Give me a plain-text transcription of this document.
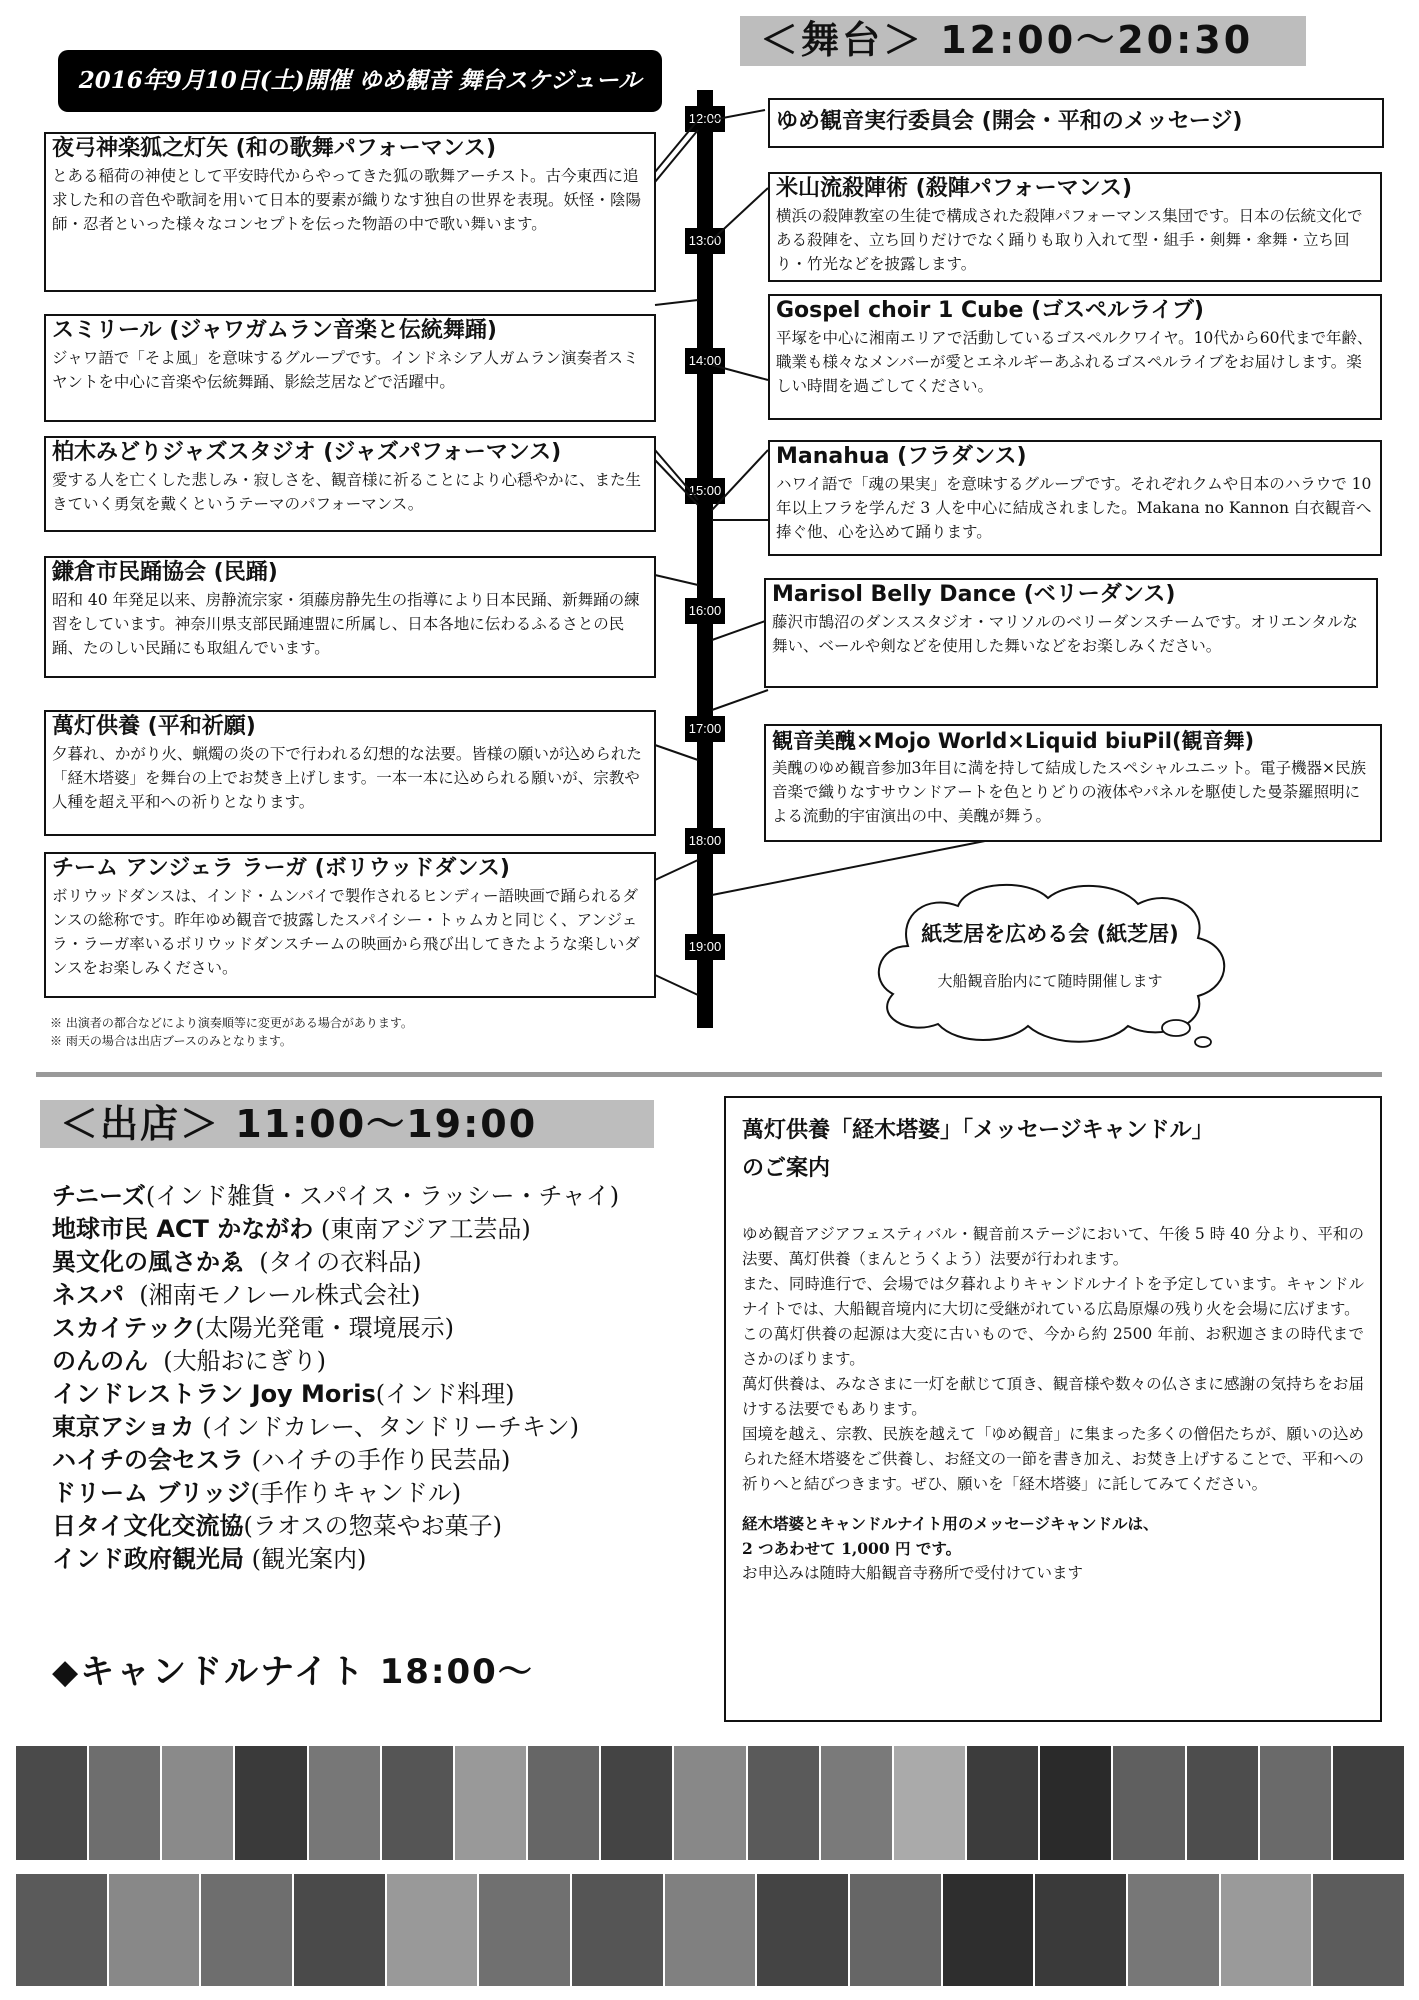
＜舞台＞ 12:00〜20:30
2016年9月10日(土)開催 ゆめ観音 舞台スケジュール
12:00
13:00
14:00
15:00
16:00
17:00
18:00
19:00
夜弓神楽狐之灯矢 (和の歌舞パフォーマンス)
とある稲荷の神使として平安時代からやってきた狐の歌舞アーチスト。古今東西に追求した和の音色や歌詞を用いて日本的要素が織りなす独自の世界を表現。妖怪・陰陽師・忍者といった様々なコンセプトを伝った物語の中で歌い舞います。
スミリール (ジャワガムラン音楽と伝統舞踊)
ジャワ語で「そよ風」を意味するグループです。インドネシア人ガムラン演奏者スミヤントを中心に音楽や伝統舞踊、影絵芝居などで活躍中。
柏木みどりジャズスタジオ (ジャズパフォーマンス)
愛する人を亡くした悲しみ・寂しさを、観音様に祈ることにより心穏やかに、また生きていく勇気を戴くというテーマのパフォーマンス。
鎌倉市民踊協会 (民踊)
昭和 40 年発足以来、房静流宗家・須藤房静先生の指導により日本民踊、新舞踊の練習をしています。神奈川県支部民踊連盟に所属し、日本各地に伝わるふるさとの民踊、たのしい民踊にも取組んでいます。
萬灯供養 (平和祈願)
夕暮れ、かがり火、蝋燭の炎の下で行われる幻想的な法要。皆様の願いが込められた「経木塔婆」を舞台の上でお焚き上げします。一本一本に込められる願いが、宗教や人種を超え平和への祈りとなります。
チーム アンジェラ ラーガ (ボリウッドダンス)
ボリウッドダンスは、インド・ムンバイで製作されるヒンディー語映画で踊られるダンスの総称です。昨年ゆめ観音で披露したスパイシー・トゥムカと同じく、アンジェラ・ラーガ率いるボリウッドダンスチームの映画から飛び出してきたような楽しいダンスをお楽しみください。
ゆめ観音実行委員会 (開会・平和のメッセージ)
米山流殺陣術 (殺陣パフォーマンス)
横浜の殺陣教室の生徒で構成された殺陣パフォーマンス集団です。日本の伝統文化である殺陣を、立ち回りだけでなく踊りも取り入れて型・組手・剣舞・傘舞・立ち回り・竹光などを披露します。
Gospel choir 1 Cube (ゴスペルライブ)
平塚を中心に湘南エリアで活動しているゴスペルクワイヤ。10代から60代まで年齢、職業も様々なメンバーが愛とエネルギーあふれるゴスペルライブをお届けします。楽しい時間を過ごしてください。
Manahua (フラダンス)
ハワイ語で「魂の果実」を意味するグループです。それぞれクムや日本のハラウで 10 年以上フラを学んだ 3 人を中心に結成されました。Makana no Kannon 白衣観音へ捧ぐ他、心を込めて踊ります。
Marisol Belly Dance (ベリーダンス)
藤沢市鵠沼のダンススタジオ・マリソルのベリーダンスチームです。オリエンタルな舞い、ベールや剣などを使用した舞いなどをお楽しみください。
観音美醜×Mojo World×Liquid biuPil(観音舞)
美醜のゆめ観音参加3年目に満を持して結成したスペシャルユニット。電子機器×民族音楽で織りなすサウンドアートを色とりどりの液体やパネルを駆使した曼荼羅照明による流動的宇宙演出の中、美醜が舞う。
紙芝居を広める会 (紙芝居)
大船観音胎内にて随時開催します
※ 出演者の都合などにより演奏順等に変更がある場合があります。
※ 雨天の場合は出店ブースのみとなります。
＜出店＞ 11:00〜19:00
チニーズ(インド雑貨・スパイス・ラッシー・チャイ)
地球市民 ACT かながわ (東南アジア工芸品)
異文化の風さかゑ  (タイの衣料品)
ネスパ  (湘南モノレール株式会社)
スカイテック(太陽光発電・環境展示)
のんのん  (大船おにぎり)
インドレストラン Joy Moris(インド料理)
東京アショカ (インドカレー、タンドリーチキン)
ハイチの会セスラ (ハイチの手作り民芸品)
ドリーム ブリッジ(手作りキャンドル)
日タイ文化交流協(ラオスの惣菜やお菓子)
インド政府観光局 (観光案内)
◆キャンドルナイト 18:00〜
萬灯供養「経木塔婆」「メッセージキャンドル」
のご案内
ゆめ観音アジアフェスティバル・観音前ステージにおいて、午後 5 時 40 分より、平和の法要、萬灯供養（まんとうくよう）法要が行われます。
また、同時進行で、会場では夕暮れよりキャンドルナイトを予定しています。キャンドルナイトでは、大船観音境内に大切に受継がれている広島原爆の残り火を会場に広げます。
この萬灯供養の起源は大変に古いもので、今から約 2500 年前、お釈迦さまの時代までさかのぼります。
萬灯供養は、みなさまに一灯を献じて頂き、観音様や数々の仏さまに感謝の気持ちをお届けする法要でもあります。
国境を越え、宗教、民族を越えて「ゆめ観音」に集まった多くの僧侶たちが、願いの込められた経木塔婆をご供養し、お経文の一節を書き加え、お焚き上げすることで、平和への祈りへと結びつきます。ぜひ、願いを「経木塔婆」に託してみてください。
経木塔婆とキャンドルナイト用のメッセージキャンドルは、
2 つあわせて 1,000 円 です。
お申込みは随時大船観音寺務所で受付けています
